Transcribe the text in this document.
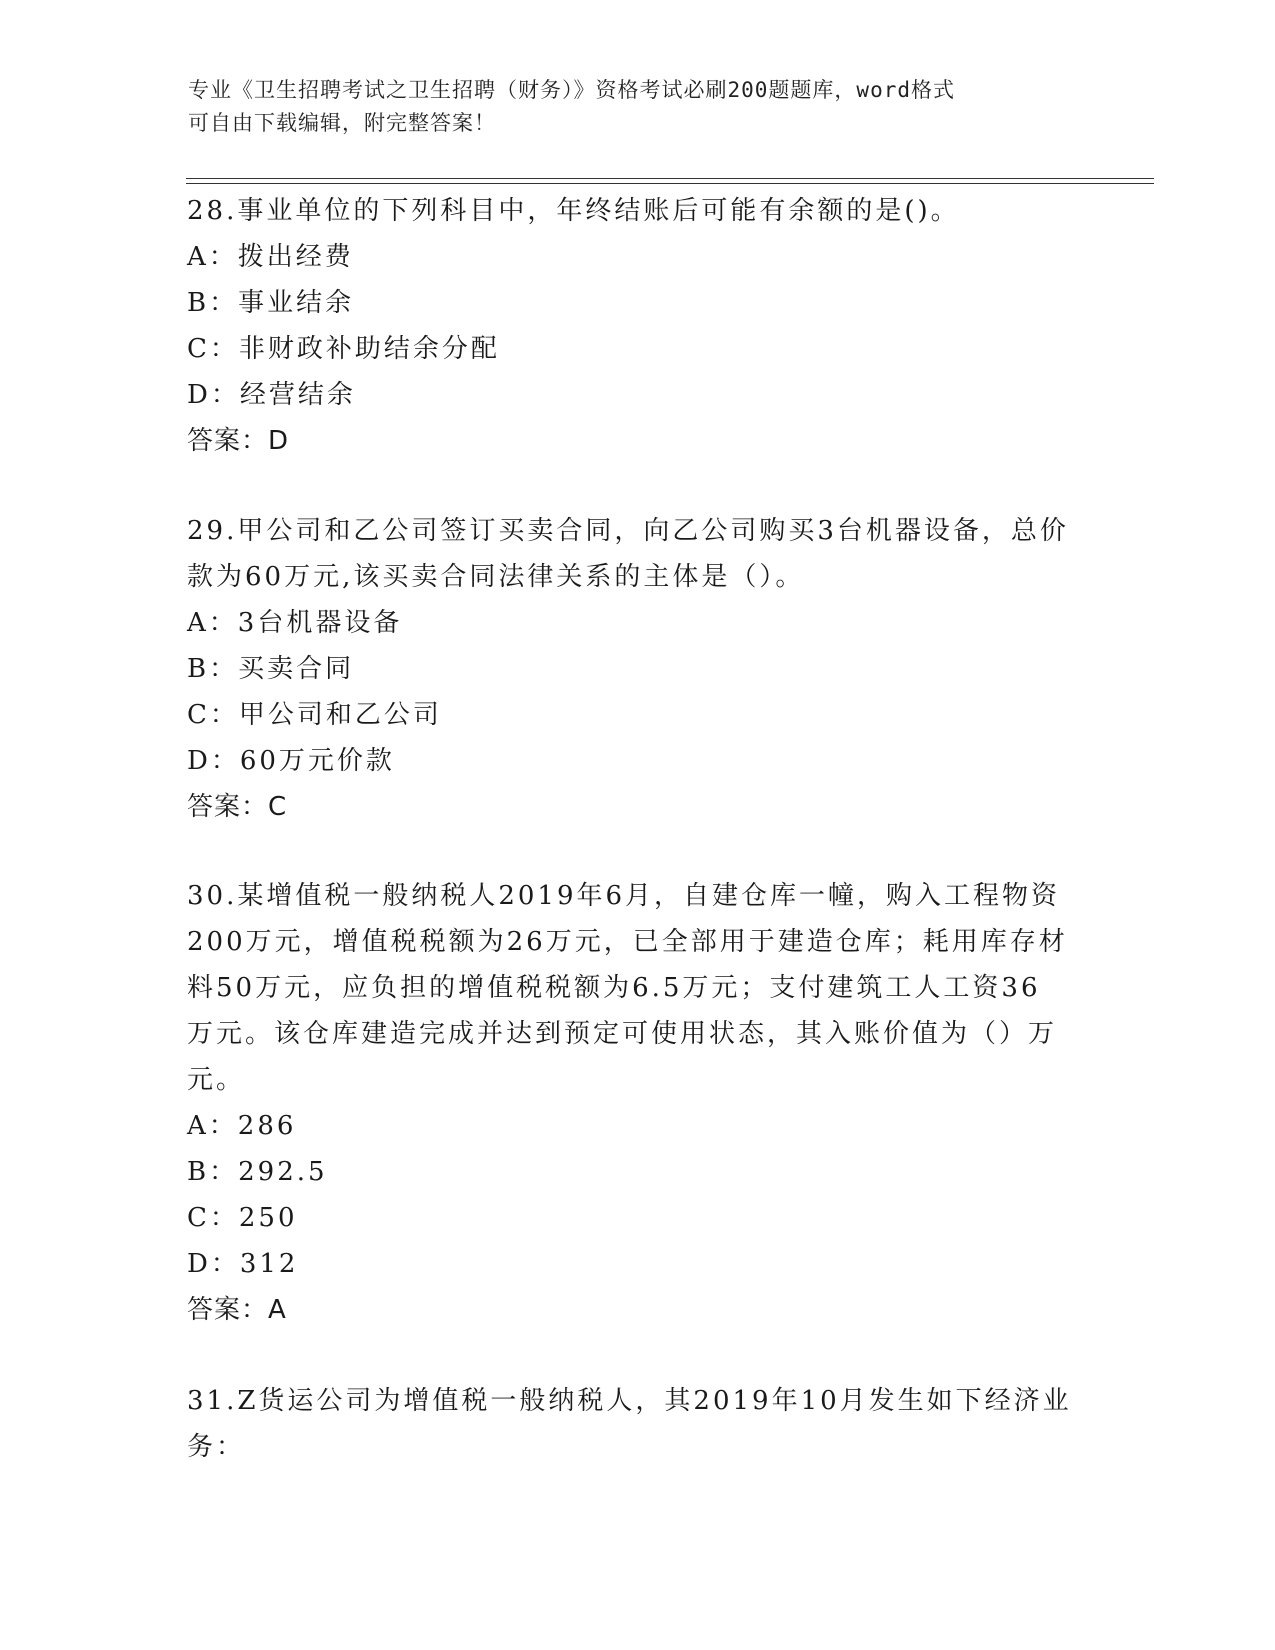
专业《卫生招聘考试之卫生招聘（财务）》资格考试必刷200题题库，word格式
可自由下载编辑，附完整答案！
28.事业单位的下列科目中，年终结账后可能有余额的是()。
A：拨出经费
B：事业结余
C：非财政补助结余分配
D：经营结余
答案：D
29.甲公司和乙公司签订买卖合同，向乙公司购买3台机器设备，总价
款为60万元,该买卖合同法律关系的主体是（）。
A：3台机器设备
B：买卖合同
C：甲公司和乙公司
D：60万元价款
答案：C
30.某增值税一般纳税人2019年6月，自建仓库一幢，购入工程物资
200万元，增值税税额为26万元，已全部用于建造仓库；耗用库存材
料50万元，应负担的增值税税额为6.5万元；支付建筑工人工资36
万元。该仓库建造完成并达到预定可使用状态，其入账价值为（）万
元。
A：286
B：292.5
C：250
D：312
答案：A
31.Z货运公司为增值税一般纳税人，其2019年10月发生如下经济业
务：
